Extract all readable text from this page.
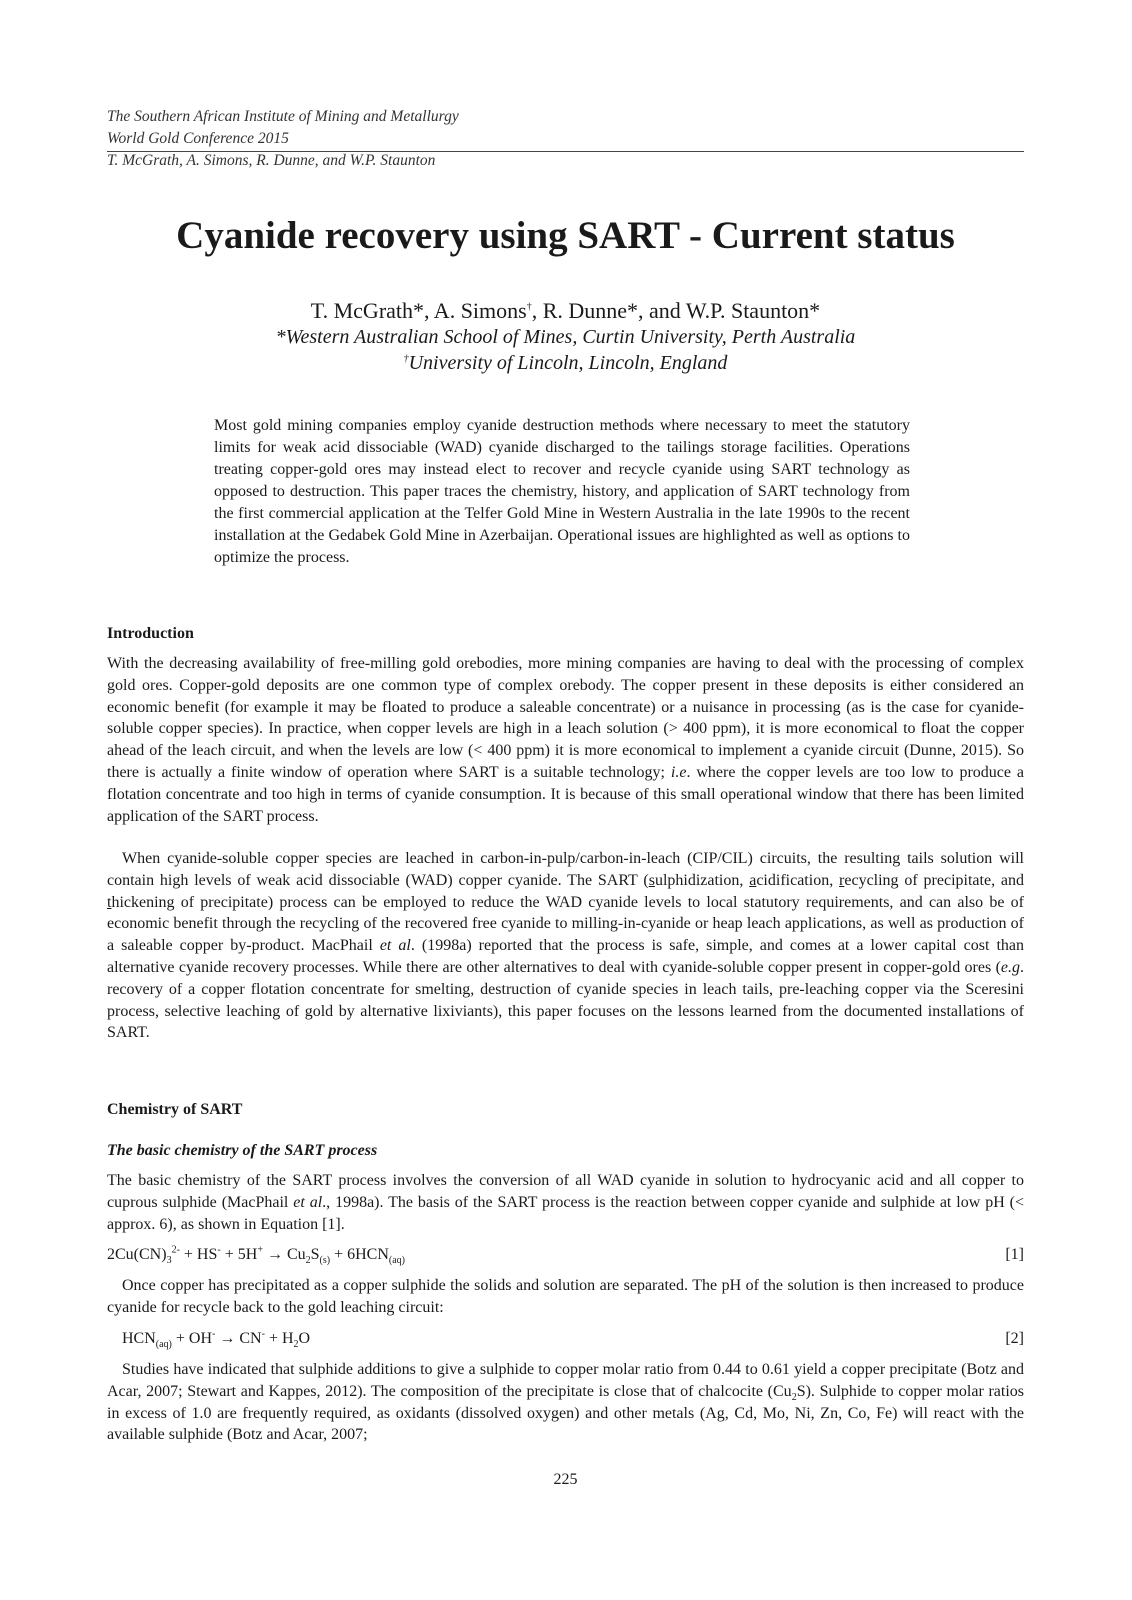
The Southern African Institute of Mining and Metallurgy
World Gold Conference 2015
T. McGrath, A. Simons, R. Dunne, and W.P. Staunton
Cyanide recovery using SART - Current status
T. McGrath*, A. Simons†, R. Dunne*, and W.P. Staunton*
*Western Australian School of Mines, Curtin University, Perth Australia
†University of Lincoln, Lincoln, England

Most gold mining companies employ cyanide destruction methods where necessary to meet the statutory limits for weak acid dissociable (WAD) cyanide discharged to the tailings storage facilities. Operations treating copper-gold ores may instead elect to recover and recycle cyanide using SART technology as opposed to destruction. This paper traces the chemistry, history, and application of SART technology from the first commercial application at the Telfer Gold Mine in Western Australia in the late 1990s to the recent installation at the Gedabek Gold Mine in Azerbaijan. Operational issues are highlighted as well as options to optimize the process.

Introduction

With the decreasing availability of free-milling gold orebodies, more mining companies are having to deal with the processing of complex gold ores. Copper-gold deposits are one common type of complex orebody. The copper present in these deposits is either considered an economic benefit (for example it may be floated to produce a saleable concentrate) or a nuisance in processing (as is the case for cyanide-soluble copper species). In practice, when copper levels are high in a leach solution (> 400 ppm), it is more economical to float the copper ahead of the leach circuit, and when the levels are low (< 400 ppm) it is more economical to implement a cyanide circuit (Dunne, 2015). So there is actually a finite window of operation where SART is a suitable technology; i.e. where the copper levels are too low to produce a flotation concentrate and too high in terms of cyanide consumption. It is because of this small operational window that there has been limited application of the SART process.

When cyanide-soluble copper species are leached in carbon-in-pulp/carbon-in-leach (CIP/CIL) circuits, the resulting tails solution will contain high levels of weak acid dissociable (WAD) copper cyanide. The SART (sulphidization, acidification, recycling of precipitate, and thickening of precipitate) process can be employed to reduce the WAD cyanide levels to local statutory requirements, and can also be of economic benefit through the recycling of the recovered free cyanide to milling-in-cyanide or heap leach applications, as well as production of a saleable copper by-product. MacPhail et al. (1998a) reported that the process is safe, simple, and comes at a lower capital cost than alternative cyanide recovery processes. While there are other alternatives to deal with cyanide-soluble copper present in copper-gold ores (e.g. recovery of a copper flotation concentrate for smelting, destruction of cyanide species in leach tails, pre-leaching copper via the Sceresini process, selective leaching of gold by alternative lixiviants), this paper focuses on the lessons learned from the documented installations of SART.

Chemistry of SART
The basic chemistry of the SART process

The basic chemistry of the SART process involves the conversion of all WAD cyanide in solution to hydrocyanic acid and all copper to cuprous sulphide (MacPhail et al., 1998a). The basis of the SART process is the reaction between copper cyanide and sulphide at low pH (< approx. 6), as shown in Equation [1].

$2Cu(CN)_3^{2-} + HS^- + 5H^+ \to Cu_2S_{(s)} + 6HCN_{(aq)}$	[1]

Once copper has precipitated as a copper sulphide the solids and solution are separated. The pH of the solution is then increased to produce cyanide for recycle back to the gold leaching circuit:

$HCN_{(aq)} + OH^- \to CN^- + H_2O$	[2]

Studies have indicated that sulphide additions to give a sulphide to copper molar ratio from 0.44 to 0.61 yield a copper precipitate (Botz and Acar, 2007; Stewart and Kappes, 2012). The composition of the precipitate is close that of chalcocite $(Cu_2S)$. Sulphide to copper molar ratios in excess of 1.0 are frequently required, as oxidants (dissolved oxygen) and other metals (Ag, Cd, Mo, Ni, Zn, Co, Fe) will react with the available sulphide (Botz and Acar, 2007;

225
